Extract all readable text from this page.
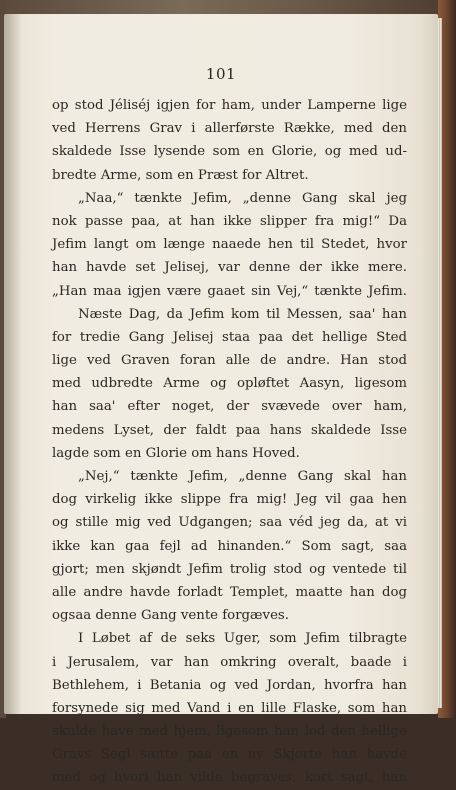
101
op stod Jéliséj igjen for ham, under Lamperne lige
ved Herrens Grav i allerførste Række, med den
skaldede Isse lysende som en Glorie, og med ud-
bredte Arme, som en Præst for Altret.
„Naa,“ tænkte Jefim, „denne Gang skal jeg
nok passe paa, at han ikke slipper fra mig!“ Da
Jefim langt om længe naaede hen til Stedet, hvor
han havde set Jelisej, var denne der ikke mere.
„Han maa igjen være gaaet sin Vej,“ tænkte Jefim.
Næste Dag, da Jefim kom til Messen, saa' han
for tredie Gang Jelisej staa paa det hellige Sted
lige ved Graven foran alle de andre. Han stod
med udbredte Arme og opløftet Aasyn, ligesom
han saa' efter noget, der svævede over ham,
medens Lyset, der faldt paa hans skaldede Isse
lagde som en Glorie om hans Hoved.
„Nej,“ tænkte Jefim, „denne Gang skal han
dog virkelig ikke slippe fra mig! Jeg vil gaa hen
og stille mig ved Udgangen; saa véd jeg da, at vi
ikke kan gaa fejl ad hinanden.“ Som sagt, saa
gjort; men skjøndt Jefim trolig stod og ventede til
alle andre havde forladt Templet, maatte han dog
ogsaa denne Gang vente forgæves.
I Løbet af de seks Uger, som Jefim tilbragte
i Jerusalem, var han omkring overalt, baade i
Bethlehem, i Betania og ved Jordan, hvorfra han
forsynede sig med Vand i en lille Flaske, som han
skulde have med hjem, ligesom han lod den hellige
Gravs Segl sætte paa en ny Skjorte han havde
med og hvori han vilde begraves, kort sagt, han
